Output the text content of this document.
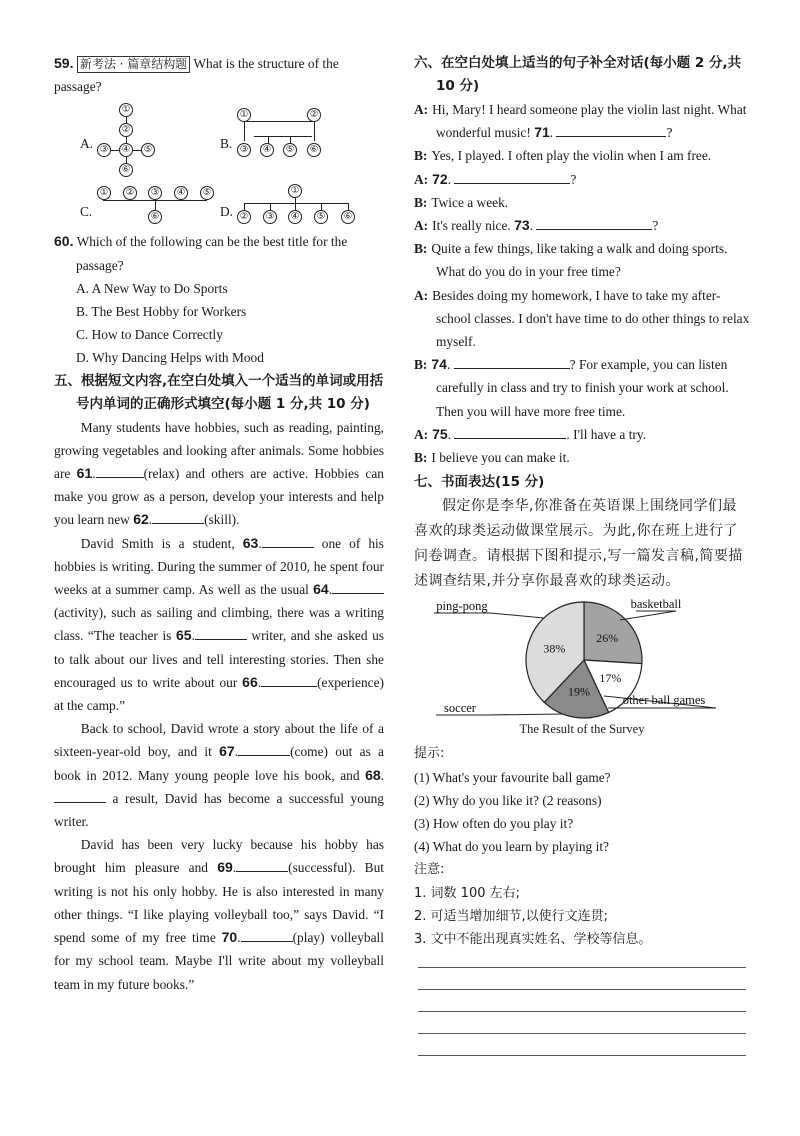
59. 新考法 · 篇章结构题 What is the structure of the passage?
A.
①
②
③ ④ ⑤
⑥
B.
①	②
③ ④ ⑤ ⑥
C.
① ② ③ ④ ⑤
⑥	D.
①
② ③ ④ ⑤ ⑥
60. Which of the following can be the best title for the passage?
A. A New Way to Do Sports
B. The Best Hobby for Workers
C. How to Dance Correctly
D. Why Dancing Helps with Mood
五、根据短文内容,在空白处填入一个适当的单词或用括号内单词的正确形式填空(每小题 1 分,共 10 分)

Many students have hobbies, such as reading, painting, growing vegetables and looking after animals. Some hobbies are 61.	(relax) and others are active. Hobbies can make you grow as a person, develop your interests and help you learn new 62.	(skill).

David Smith is a student, 63.	one of his hobbies is writing. During the summer of 2010, he spent four weeks at a summer camp. As well as the usual 64.(activity), such as sailing and climbing, there was a writing class. “The teacher is 65.	writer, and she asked us to talk about our lives and tell interesting stories. Then she encouraged us to write about our 66.	(experience) at the camp.”

Back to school, David wrote a story about the life of a sixteen-year-old boy, and it 67.	(come) out as a book in 2012. Many young people love his book, and 68. a result, David has become a successful young writer.

David has been very lucky because his hobby has brought him pleasure and 69.	(successful). But writing is not his only hobby. He is also interested in many other things. “I like playing volleyball too,” says David. “I spend some of my free time 70.	(play) volleyball for my school team. Maybe I'll write about my volleyball team in my future books.”

六、在空白处填上适当的句子补全对话(每小题 2 分,共 10 分)
A: Hi, Mary! I heard someone play the violin last night. What wonderful music! 71.	?
B: Yes, I played. I often play the violin when I am free.
A: 72.	?
B: Twice a week.
A: It's really nice. 73.	?
B: Quite a few things, like taking a walk and doing sports. What do you do in your free time?
A: Besides doing my homework, I have to take my after-school classes. I don't have time to do other things to relax myself.
B: 74.	? For example, you can listen carefully in class and try to finish your work at school. Then you will have more free time.
A: 75.	. I'll have a try.
B: I believe you can make it.
七、书面表达(15 分)
假定你是李华,你准备在英语课上围绕同学们最喜欢的球类运动做课堂展示。为此,你在班上进行了问卷调查。请根据下图和提示,写一篇发言稿,简要描述调查结果,并分享你最喜欢的球类运动。
26%
17%
19%
38%
basketball
other ball games
soccer
ping-pong
The Result of the Survey
提示:
(1) What's your favourite ball game?
(2) Why do you like it? (2 reasons)
(3) How often do you play it?
(4) What do you learn by playing it?
注意:
1. 词数 100 左右;
2. 可适当增加细节,以使行文连贯;
3. 文中不能出现真实姓名、学校等信息。
